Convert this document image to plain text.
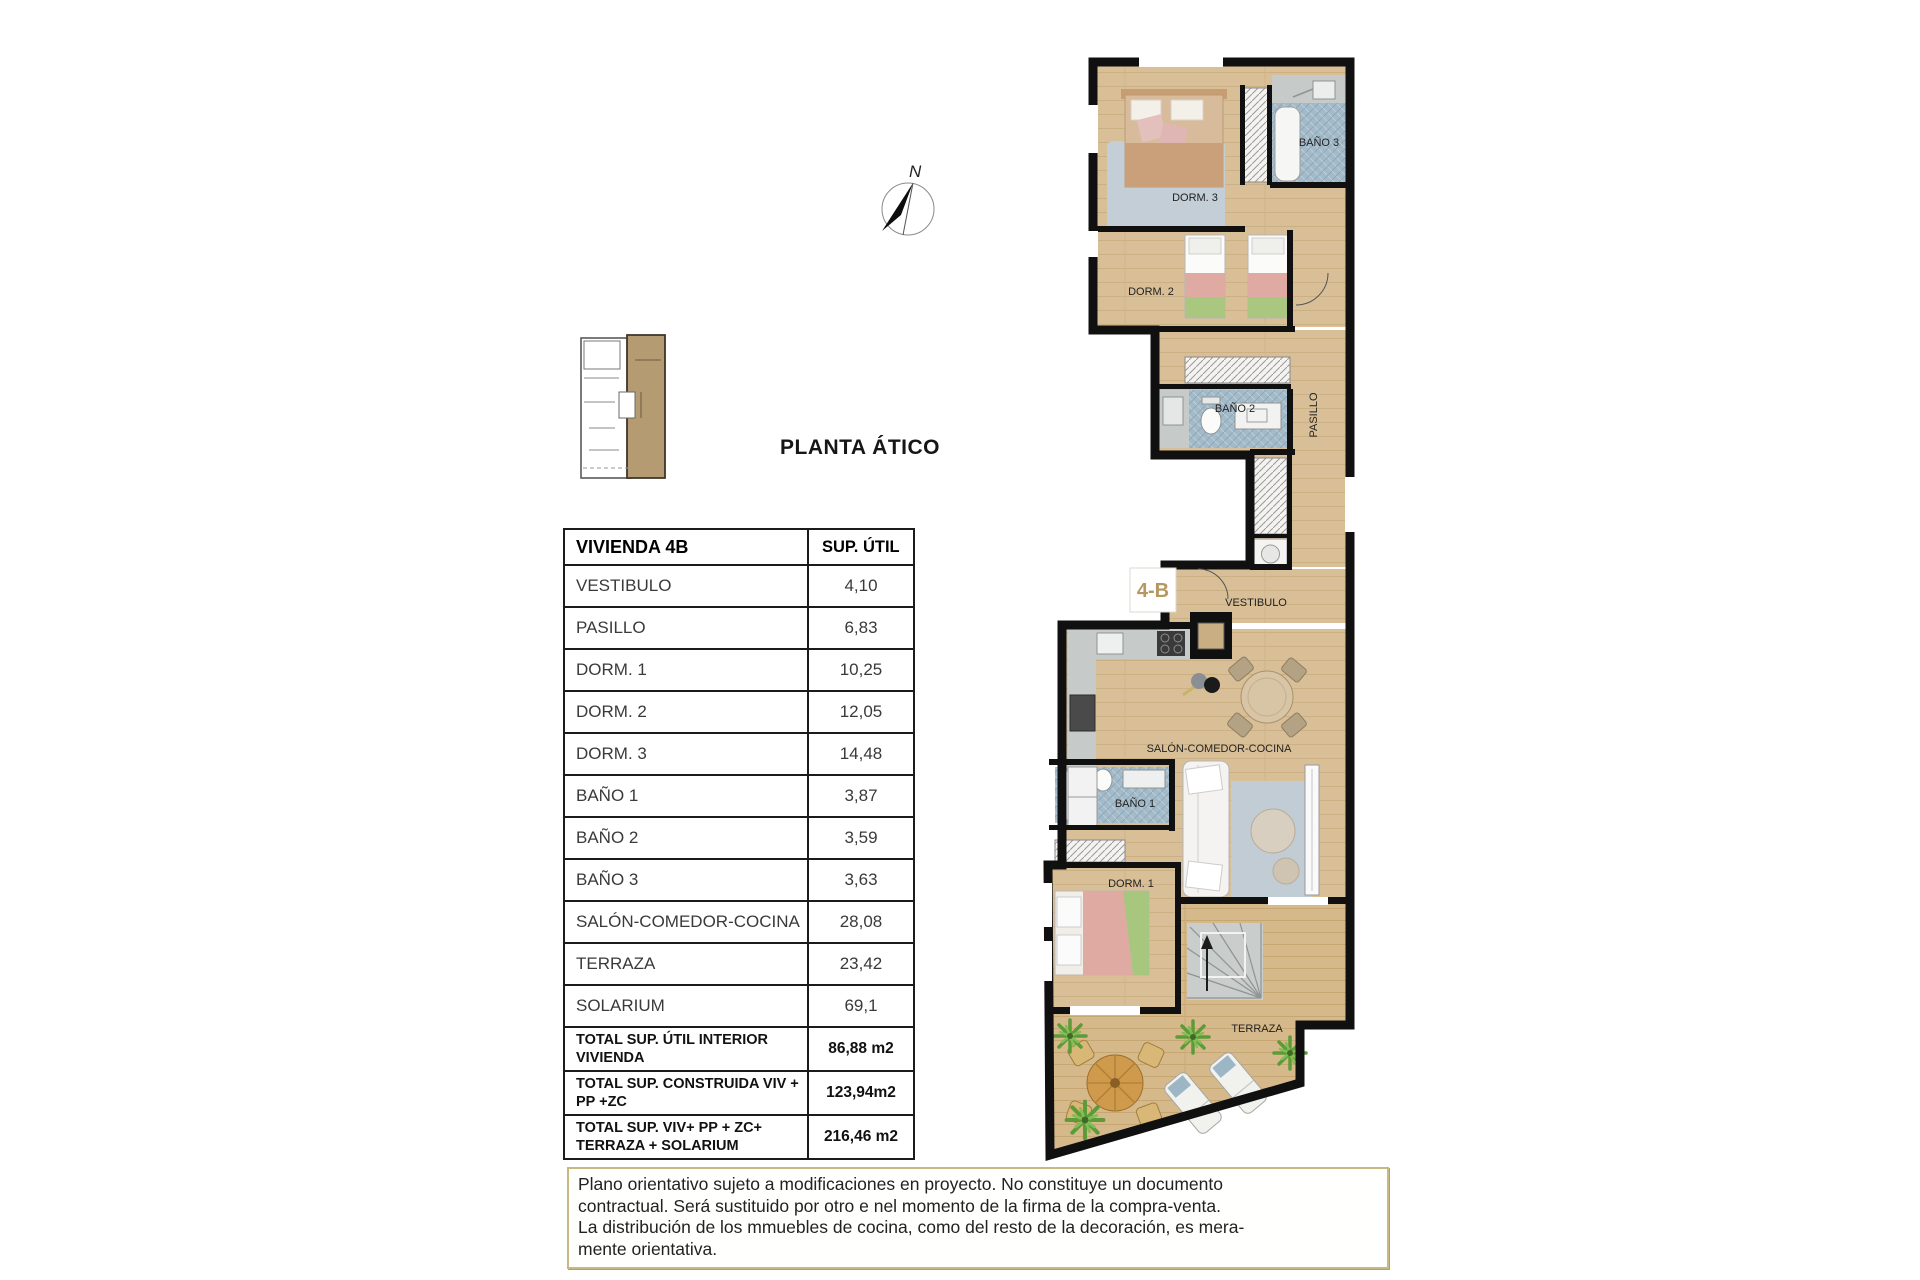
N
PLANTA ÁTICO
VIVIENDA 4B	SUP. ÚTIL
VESTIBULO	4,10
PASILLO	6,83
DORM. 1	10,25
DORM. 2	12,05
DORM. 3	14,48
BAÑO 1	3,87
BAÑO 2	3,59
BAÑO 3	3,63
SALÓN-COMEDOR-COCINA	28,08
TERRAZA	23,42
SOLARIUM	69,1
TOTAL SUP. ÚTIL INTERIOR VIVIENDA	86,88 m2
TOTAL SUP. CONSTRUIDA VIV + PP +ZC	123,94m2
TOTAL SUP. VIV+ PP + ZC+ TERRAZA + SOLARIUM	216,46 m2
Plano orientativo sujeto a modificaciones en proyecto. No constituye un documento
contractual. Será sustituido por otro e nel momento de la firma de la compra-venta.
La distribución de los mmuebles de cocina, como del resto de la decoración, es mera-
mente orientativa.
4-B
DORM. 3
BAÑO 3
DORM. 2
BAÑO 2	PASILLO
VESTIBULO
SALÓN-COMEDOR-COCINA
BAÑO 1
DORM. 1
TERRAZA
